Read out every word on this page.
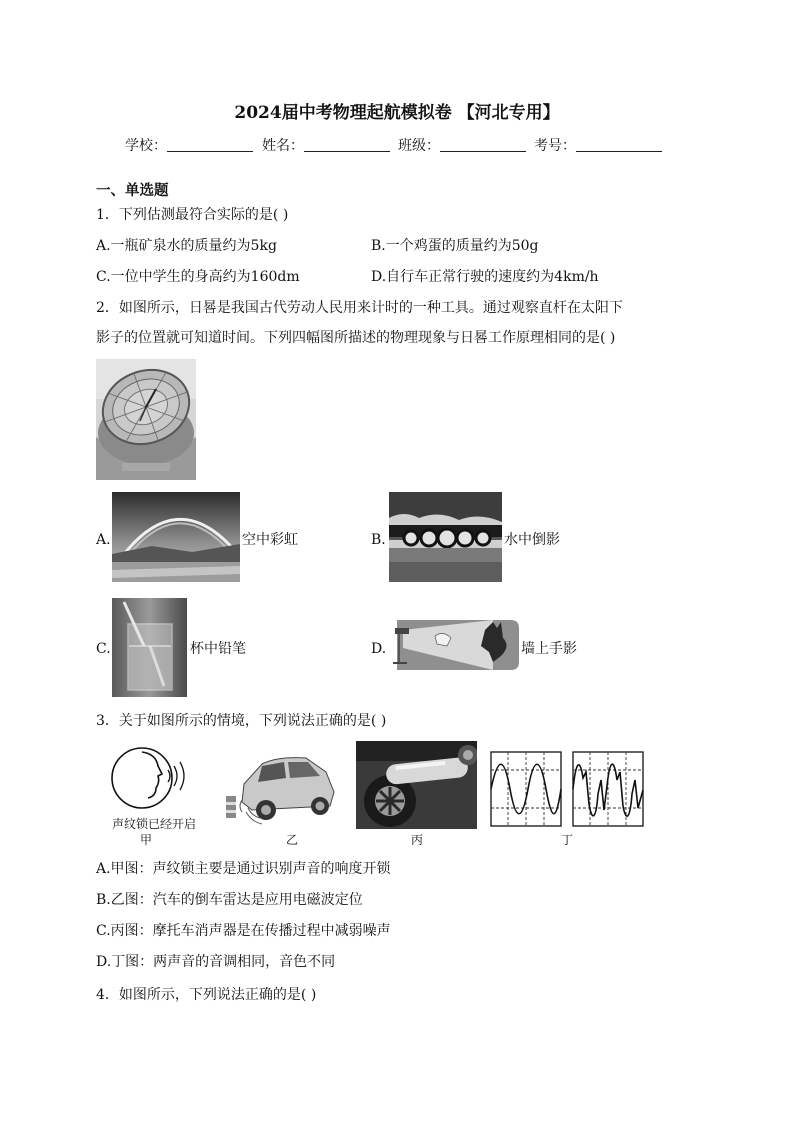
2024届中考物理起航模拟卷 【河北专用】
学校：	姓名：	班级：	考号：
一、单选题
1．下列估测最符合实际的是( )
A.一瓶矿泉水的质量约为5kg	B.一个鸡蛋的质量约为50g
C.一位中学生的身高约为160dm	D.自行车正常行驶的速度约为4km/h
2．如图所示，日晷是我国古代劳动人民用来计时的一种工具。通过观察直杆在太阳下
影子的位置就可知道时间。下列四幅图所描述的物理现象与日晷工作原理相同的是( )
A.	空中彩虹	B.	水中倒影
C.	杯中铅笔	D.	墙上手影
3．关于如图所示的情境，下列说法正确的是( )
声纹锁已经开启
甲	乙	丙	丁
A.甲图：声纹锁主要是通过识别声音的响度开锁
B.乙图：汽车的倒车雷达是应用电磁波定位
C.丙图：摩托车消声器是在传播过程中减弱噪声
D.丁图：两声音的音调相同，音色不同
4．如图所示，下列说法正确的是( )
